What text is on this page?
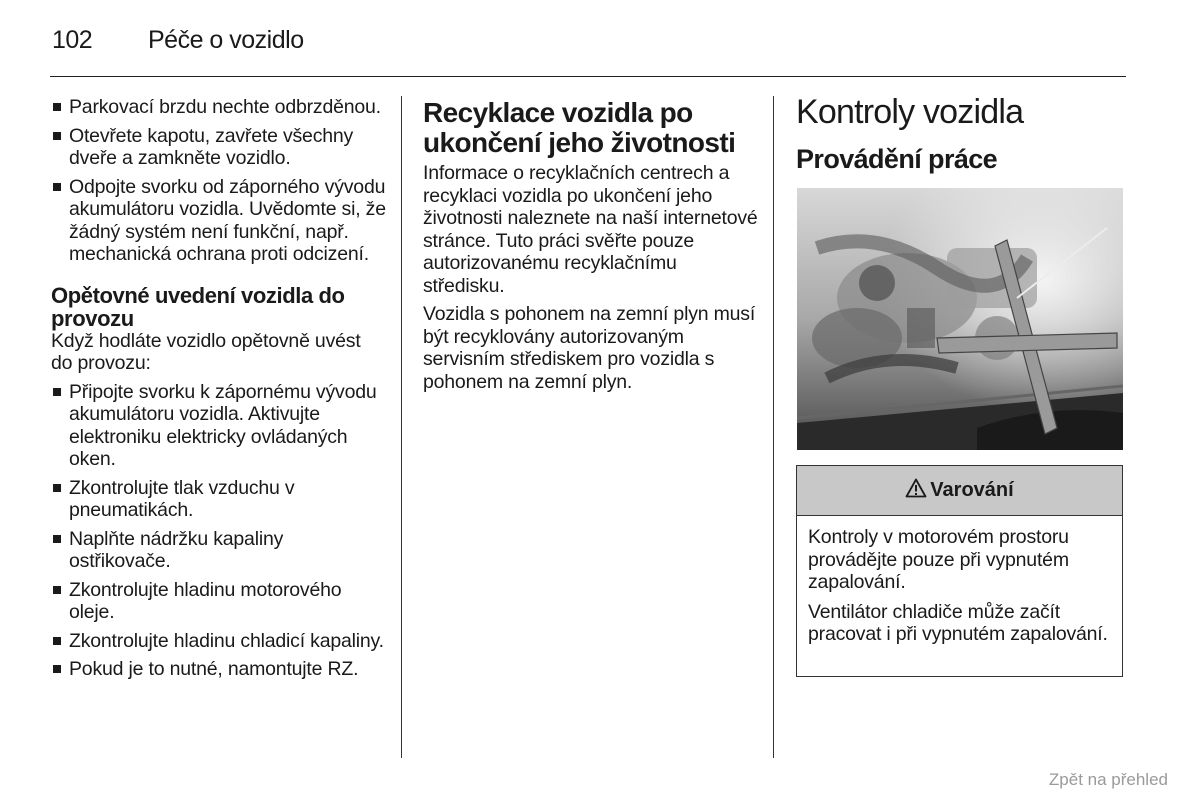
102 Péče o vozidlo
Parkovací brzdu nechte odbrzděnou.
Otevřete kapotu, zavřete všechny dveře a zamkněte vozidlo.
Odpojte svorku od záporného vývodu akumulátoru vozidla. Uvědomte si, že žádný systém není funkční, např. mechanická ochrana proti odcizení.
Opětovné uvedení vozidla do provozu
Když hodláte vozidlo opětovně uvést do provozu:
Připojte svorku k zápornému vývodu akumulátoru vozidla. Aktivujte elektroniku elektricky ovládaných oken.
Zkontrolujte tlak vzduchu v pneumatikách.
Naplňte nádržku kapaliny ostřikovače.
Zkontrolujte hladinu motorového oleje.
Zkontrolujte hladinu chladicí kapaliny.
Pokud je to nutné, namontujte RZ.
Recyklace vozidla po ukončení jeho životnosti
Informace o recyklačních centrech a recyklaci vozidla po ukončení jeho životnosti naleznete na naší internetové stránce. Tuto práci svěřte pouze autorizovanému recyklačnímu středisku.
Vozidla s pohonem na zemní plyn musí být recyklovány autorizovaným servisním střediskem pro vozidla s pohonem na zemní plyn.
Kontroly vozidla
Provádění práce
Varování
Kontroly v motorovém prostoru provádějte pouze při vypnutém zapalování.
Ventilátor chladiče může začít pracovat i při vypnutém zapalování.
Zpět na přehled
